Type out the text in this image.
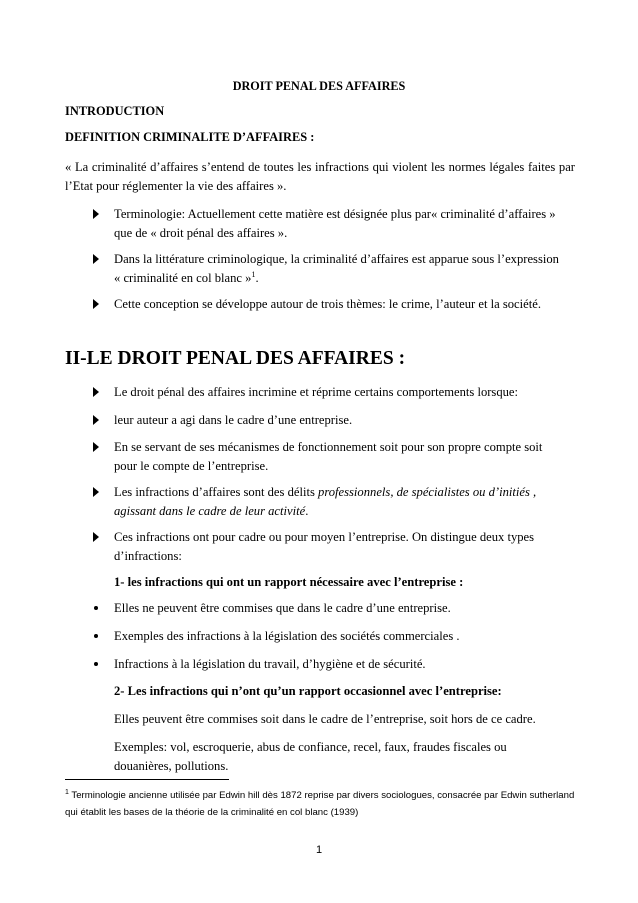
DROIT PENAL DES AFFAIRES
INTRODUCTION
DEFINITION CRIMINALITE D’AFFAIRES :
« La criminalité d’affaires s’entend de toutes les infractions qui violent les normes légales faites par l’Etat pour réglementer la vie des affaires ».
Terminologie: Actuellement cette matière est désignée plus par« criminalité d’affaires » que de « droit pénal des affaires ».
Dans la littérature criminologique, la criminalité d’affaires est apparue sous l’expression « criminalité en col blanc »$^1$.
Cette conception se développe autour de trois thèmes: le crime, l’auteur et la société.
II-LE DROIT PENAL DES AFFAIRES :
Le droit pénal des affaires incrimine et réprime certains comportements lorsque:
leur auteur a agi dans le cadre d’une entreprise.
En se servant de ses mécanismes de fonctionnement soit pour son propre compte soit pour le compte de l’entreprise.
Les infractions d’affaires sont des délits professionnels, de spécialistes ou d’initiés , agissant dans le cadre de leur activité.
Ces infractions ont pour cadre ou pour moyen l’entreprise. On distingue deux types d’infractions:
1- les infractions qui ont un rapport nécessaire avec l’entreprise :
Elles ne peuvent être commises que dans le cadre d’une entreprise.
Exemples des infractions à la législation des sociétés commerciales .
Infractions à la législation du travail, d’hygiène et de sécurité.
2- Les infractions qui n’ont qu’un rapport occasionnel avec l’entreprise:
Elles peuvent être commises soit dans le cadre de l’entreprise, soit hors de ce cadre.
Exemples: vol, escroquerie, abus de confiance, recel, faux, fraudes fiscales ou douanières, pollutions.
$^1$ Terminologie ancienne utilisée par Edwin hill dès 1872 reprise par divers sociologues, consacrée par Edwin sutherland qui établit les bases de la théorie de la criminalité en col blanc (1939)
1
